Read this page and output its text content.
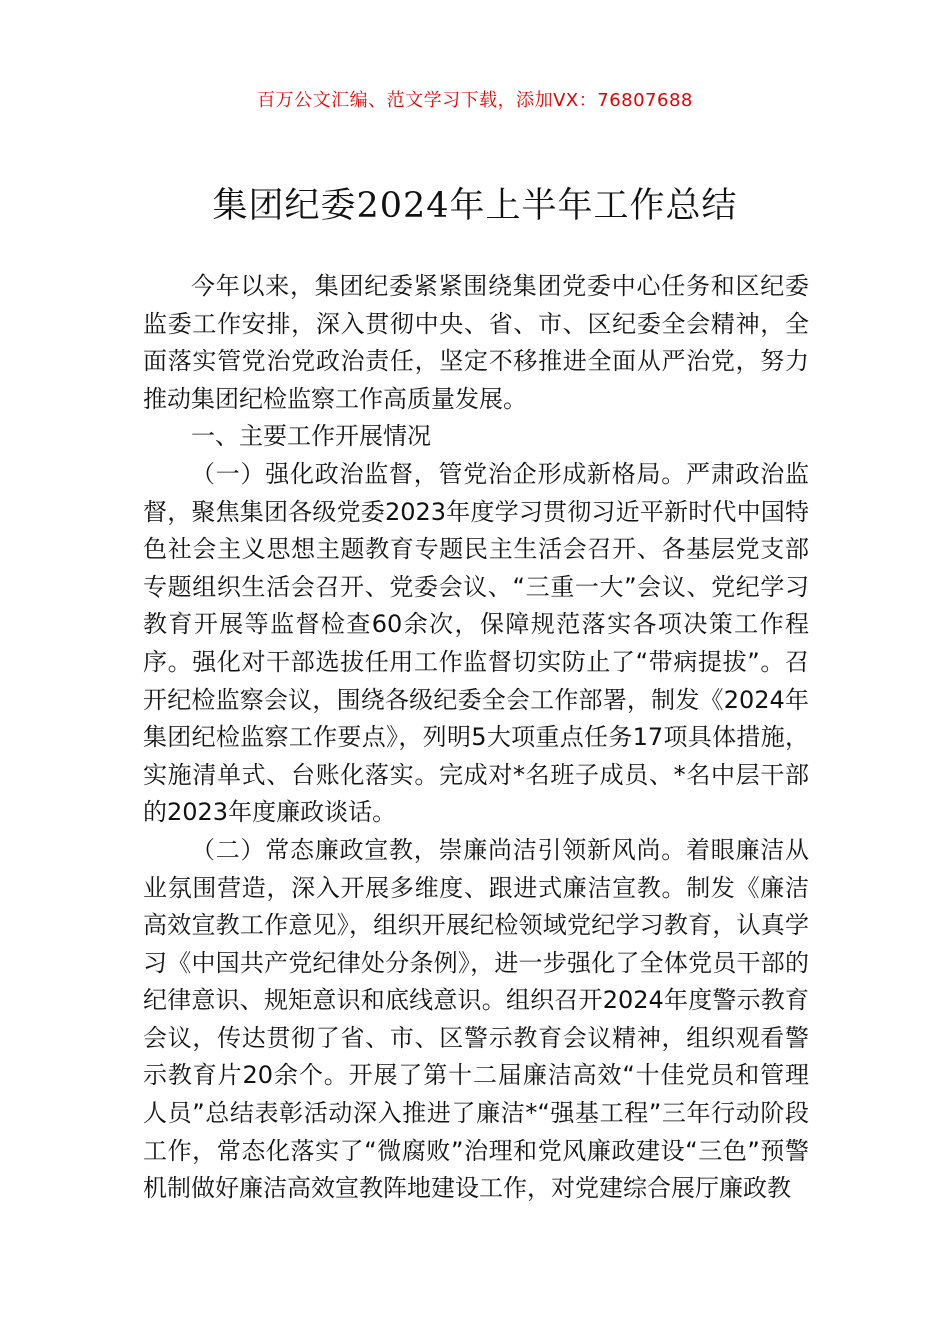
百万公文汇编、范文学习下载，添加VX：76807688
集团纪委2024年上半年工作总结

今年以来，集团纪委紧紧围绕集团党委中心任务和区纪委监委工作安排，深入贯彻中央、省、市、区纪委全会精神，全面落实管党治党政治责任，坚定不移推进全面从严治党，努力推动集团纪检监察工作高质量发展。

一、主要工作开展情况

（一）强化政治监督，管党治企形成新格局。严肃政治监督，聚焦集团各级党委2023年度学习贯彻习近平新时代中国特色社会主义思想主题教育专题民主生活会召开、各基层党支部专题组织生活会召开、党委会议、“三重一大”会议、党纪学习教育开展等监督检查60余次，保障规范落实各项决策工作程序。强化对干部选拔任用工作监督切实防止了“带病提拔”。召开纪检监察会议，围绕各级纪委全会工作部署，制发《2024年集团纪检监察工作要点》，列明5大项重点任务17项具体措施，实施清单式、台账化落实。完成对*名班子成员、*名中层干部的2023年度廉政谈话。

（二）常态廉政宣教，崇廉尚洁引领新风尚。着眼廉洁从业氛围营造，深入开展多维度、跟进式廉洁宣教。制发《廉洁高效宣教工作意见》，组织开展纪检领域党纪学习教育，认真学习《中国共产党纪律处分条例》，进一步强化了全体党员干部的纪律意识、规矩意识和底线意识。组织召开2024年度警示教育会议，传达贯彻了省、市、区警示教育会议精神，组织观看警示教育片20余个。开展了第十二届廉洁高效“十佳党员和管理人员”总结表彰活动深入推进了廉洁*“强基工程”三年行动阶段工作，常态化落实了“微腐败”治理和党风廉政建设“三色”预警机制做好廉洁高效宣教阵地建设工作，对党建综合展厅廉政教
